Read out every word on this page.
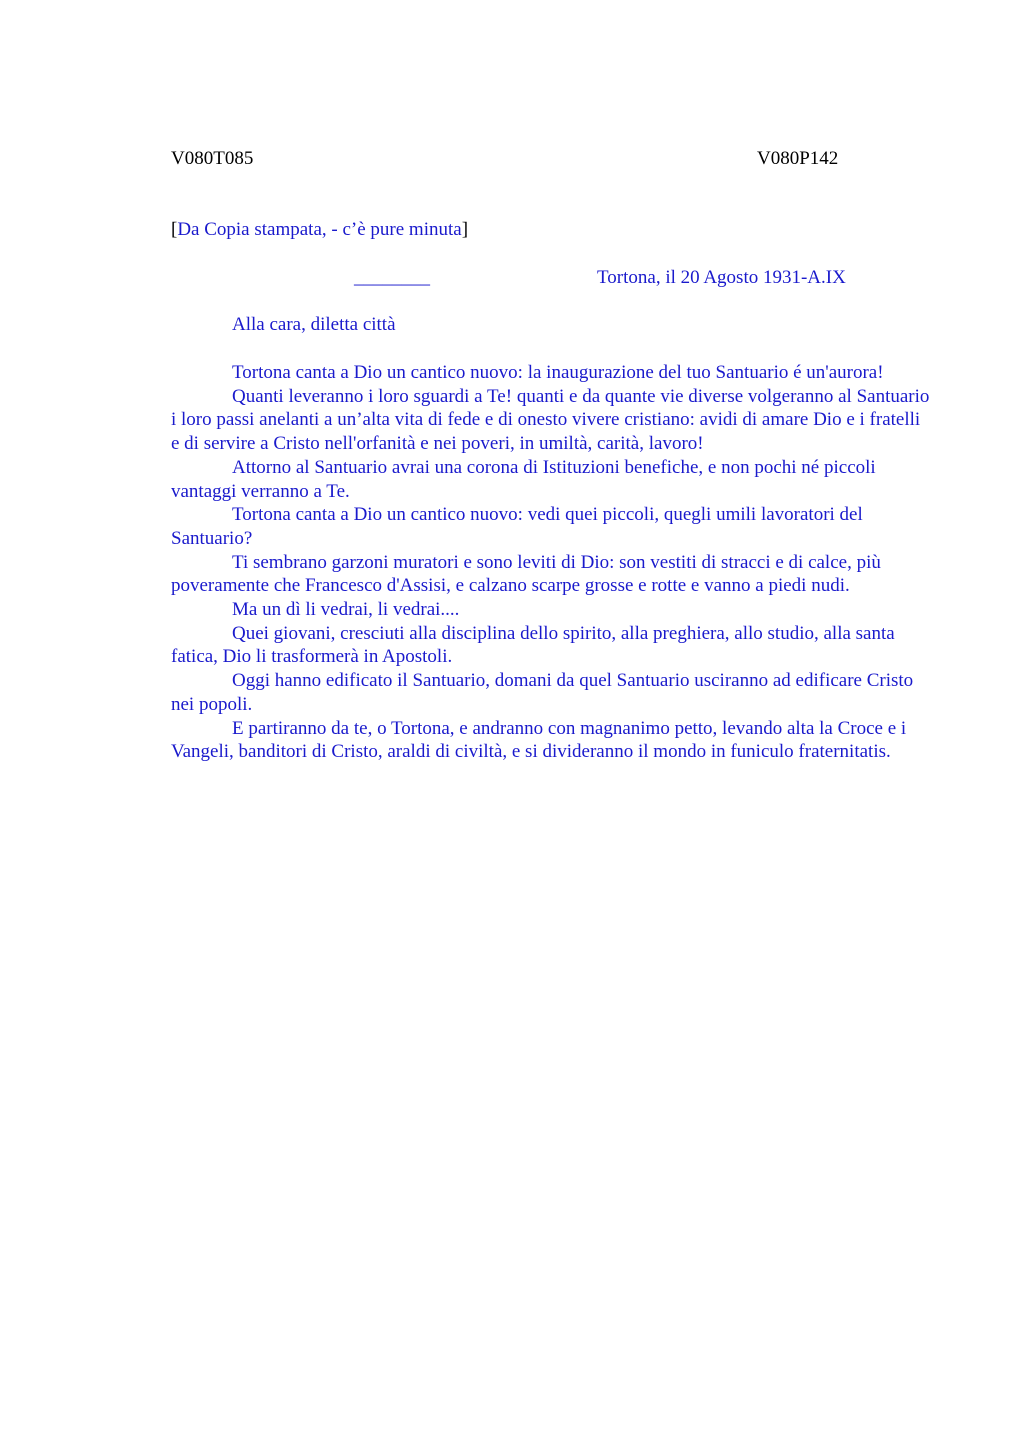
V080T085	V080P142
[Da Copia stampata, - c’è pure minuta]
________	Tortona, il 20 Agosto 1931-A.IX
Alla cara, diletta città

Tortona canta a Dio un cantico nuovo: la inaugurazione del tuo Santuario é un'aurora!

Quanti leveranno i loro sguardi a Te! quanti e da quante vie diverse volgeranno al Santuario i loro passi anelanti a un’alta vita di fede e di onesto vivere cristiano: avidi di amare Dio e i fratelli e di servire a Cristo nell'orfanità e nei poveri, in umiltà, carità, lavoro!

Attorno al Santuario avrai una corona di Istituzioni benefiche, e non pochi né piccoli vantaggi verranno a Te.

Tortona canta a Dio un cantico nuovo: vedi quei piccoli, quegli umili lavoratori del Santuario?

Ti sembrano garzoni muratori e sono leviti di Dio: son vestiti di stracci e di calce, più poveramente che Francesco d'Assisi, e calzano scarpe grosse e rotte e vanno a piedi nudi.

Ma un dì li vedrai, li vedrai....

Quei giovani, cresciuti alla disciplina dello spirito, alla preghiera, allo studio, alla santa fatica, Dio li trasformerà in Apostoli.

Oggi hanno edificato il Santuario, domani da quel Santuario usciranno ad edificare Cristo nei popoli.

E partiranno da te, o Tortona, e andranno con magnanimo petto, levando alta la Croce e i Vangeli, banditori di Cristo, araldi di civiltà, e si divideranno il mondo in funiculo fraternitatis.
